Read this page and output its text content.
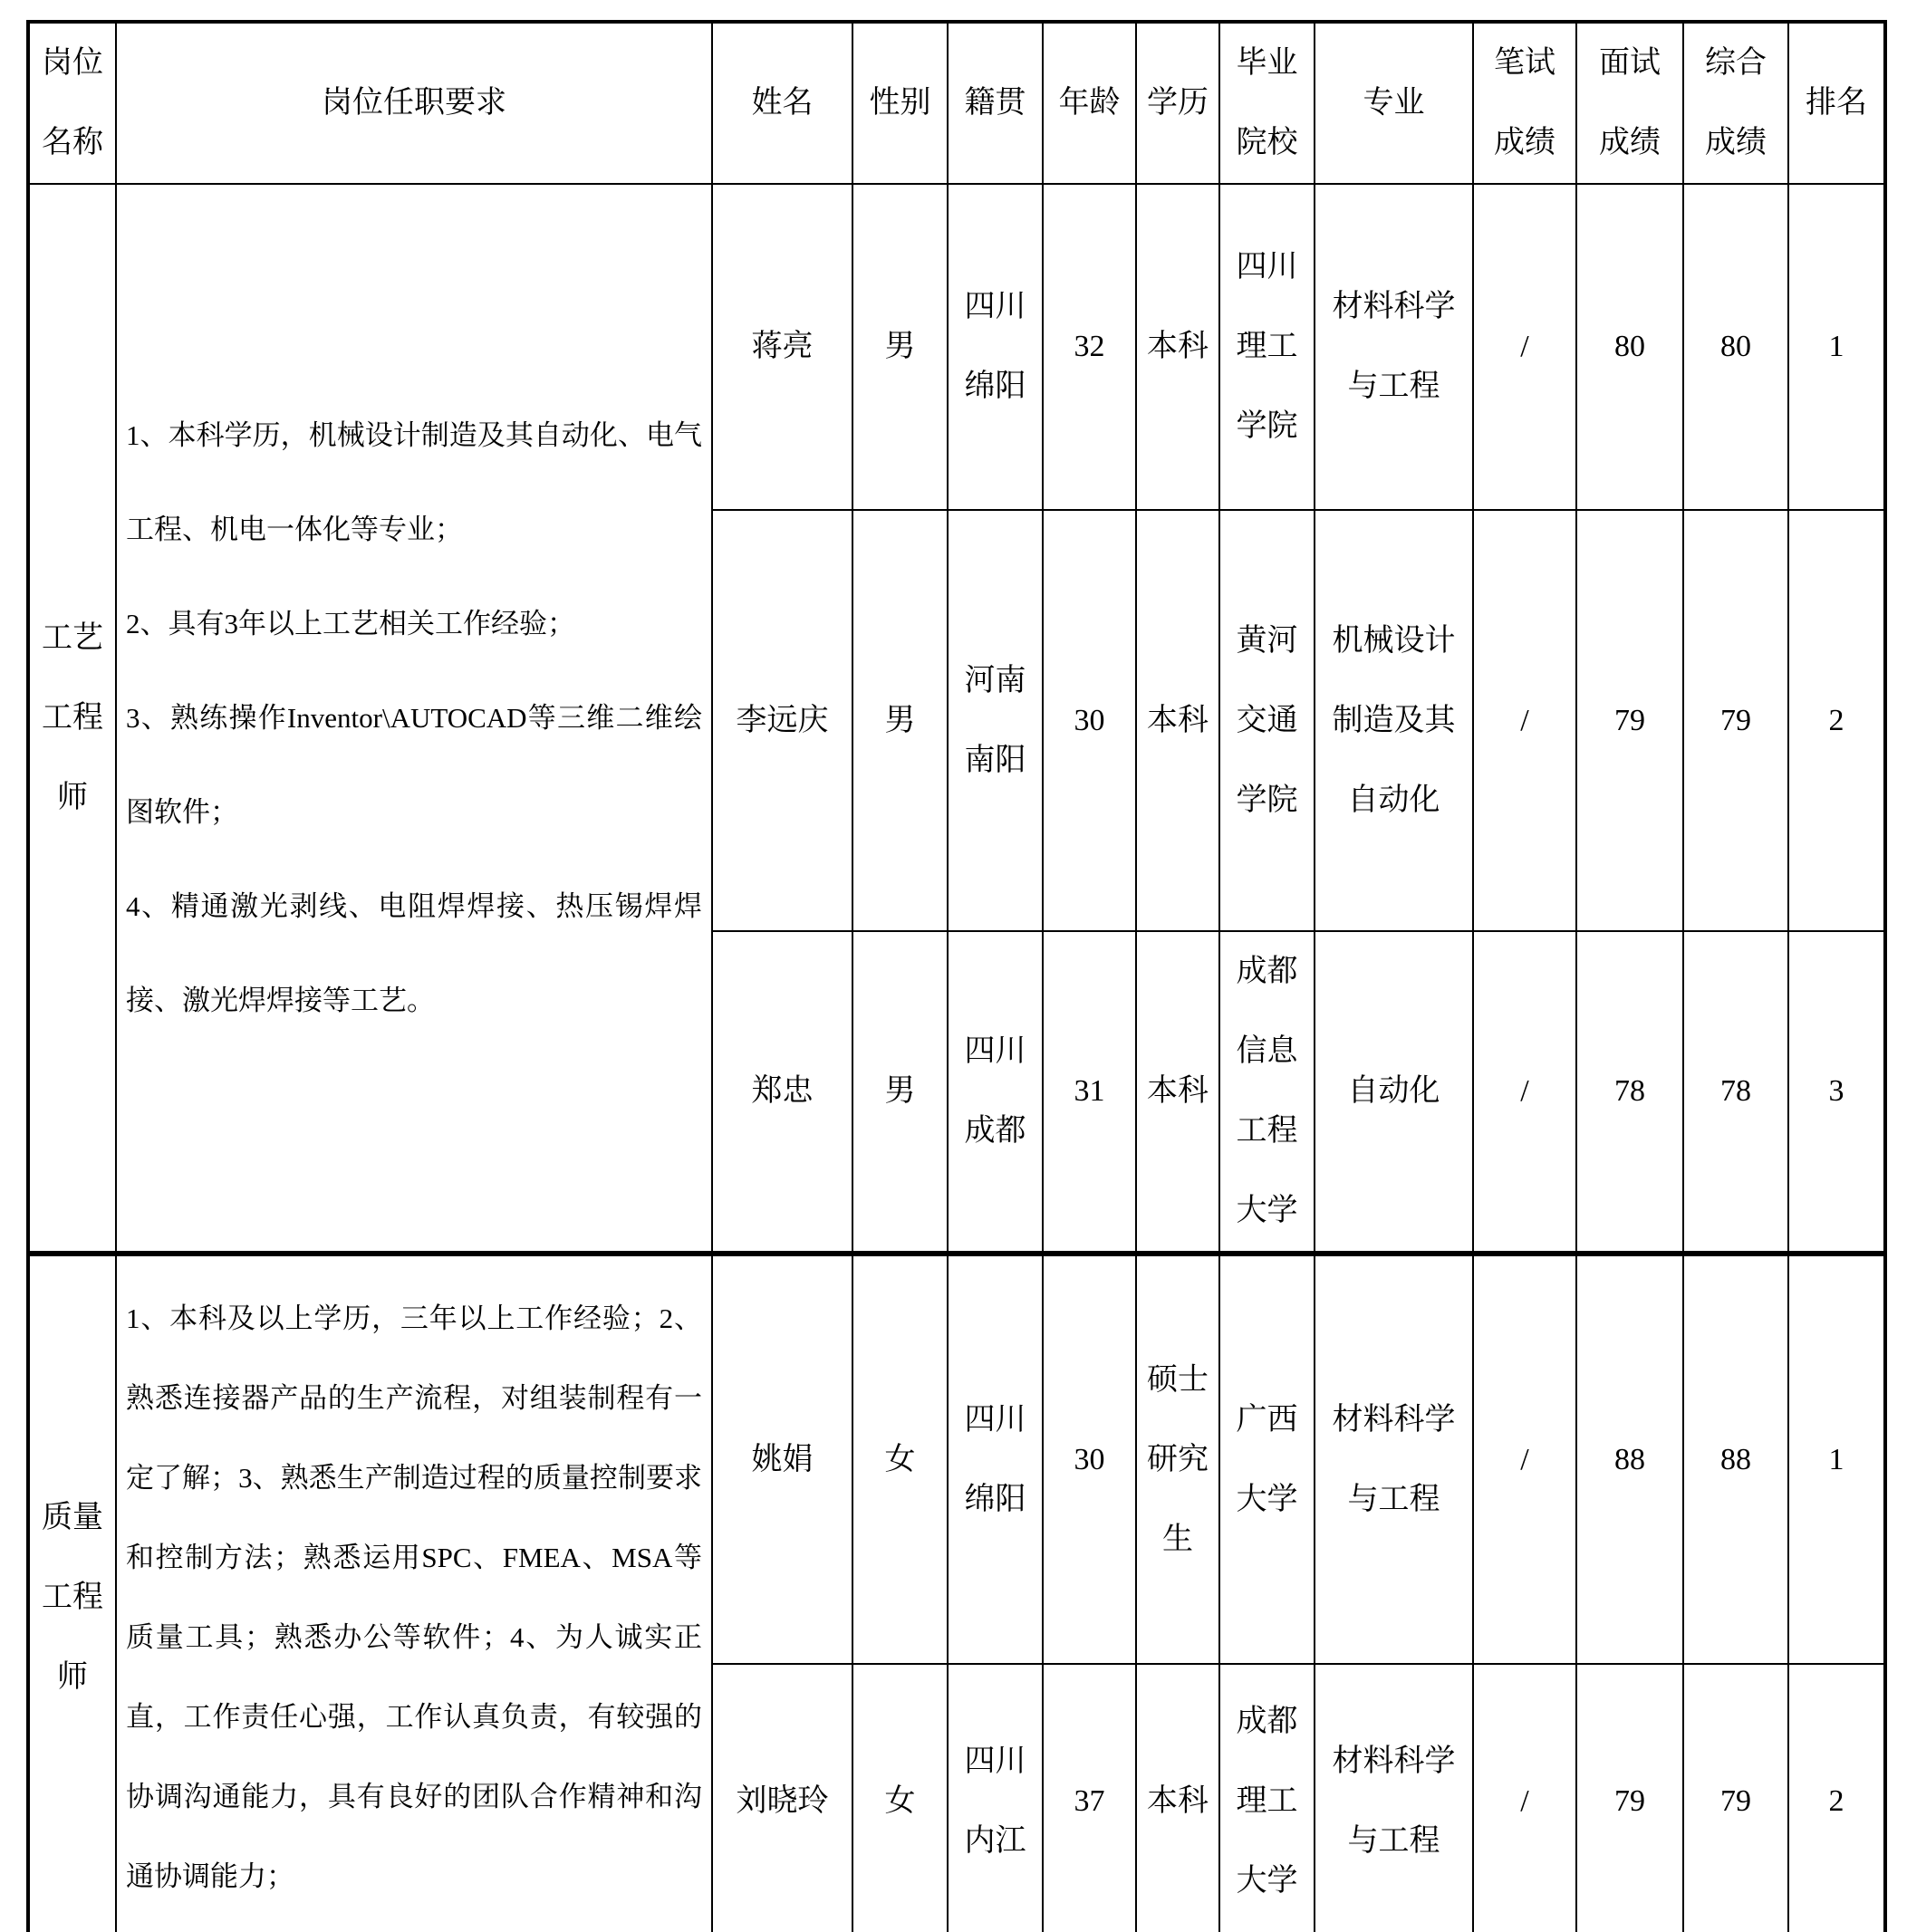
岗位名称	岗位任职要求	姓名	性别	籍贯	年龄	学历	毕业院校	专业	笔试成绩	面试成绩	综合成绩	排名
工艺工程师	1、本科学历，机械设计制造及其自动化、电气工程、机电一体化等专业；

2、具有3年以上工艺相关工作经验；

3、熟练操作Inventor\AUTOCAD等三维二维绘图软件；

4、精通激光剥线、电阻焊焊接、热压锡焊焊接、激光焊焊接等工艺。	蒋亮	男	四川绵阳	32	本科	四川理工学院	材料科学与工程	/	80	80	1
		李远庆	男	河南南阳	30	本科	黄河交通学院	机械设计制造及其自动化	/	79	79	2
		郑忠	男	四川成都	31	本科	成都信息工程大学	自动化	/	78	78	3
质量工程师	1、本科及以上学历，三年以上工作经验；2、熟悉连接器产品的生产流程，对组装制程有一定了解；3、熟悉生产制造过程的质量控制要求和控制方法；熟悉运用SPC、FMEA、MSA等质量工具；熟悉办公等软件；4、为人诚实正直，工作责任心强，工作认真负责，有较强的协调沟通能力，具有良好的团队合作精神和沟通协调能力；	姚娟	女	四川绵阳	30	硕士研究生	广西大学	材料科学与工程	/	88	88	1
		刘晓玲	女	四川内江	37	本科	成都理工大学	材料科学与工程	/	79	79	2
